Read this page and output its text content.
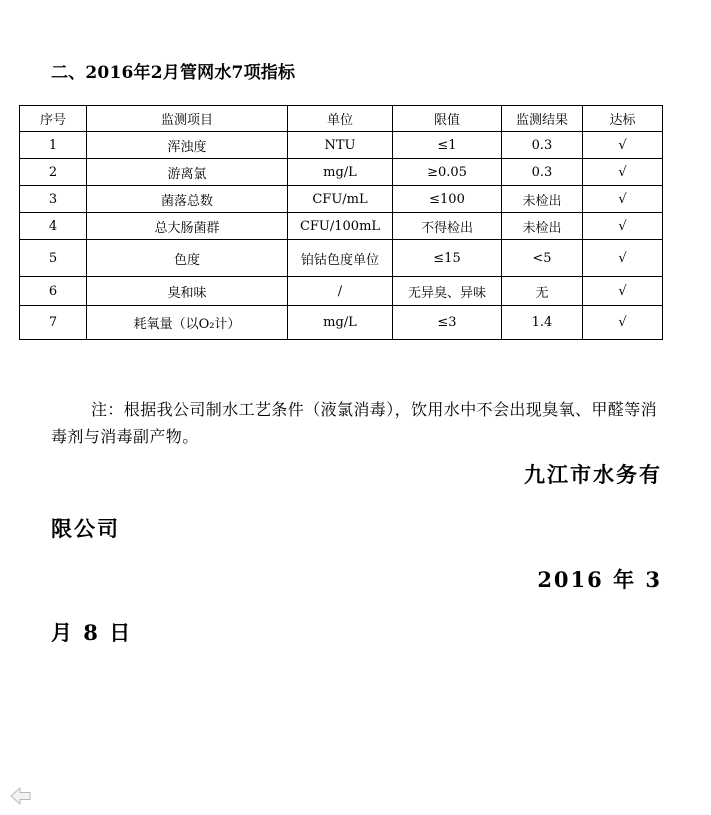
二、2016年2月管网水7项指标
序号	监测项目	单位	限值	监测结果	达标
1	浑浊度	NTU	≤1	0.3	√
2	游离氯	mg/L	≥0.05	0.3	√
3	菌落总数	CFU/mL	≤100	未检出	√
4	总大肠菌群	CFU/100mL	不得检出	未检出	√
5	色度	铂钴色度单位	≤15	<5	√
6	臭和味	/	无异臭、异味	无	√
7	耗氧量（以O₂计）	mg/L	≤3	1.4	√
注：根据我公司制水工艺条件（液氯消毒），饮用水中不会出现臭氧、甲醛等消毒剂与消毒副产物。
九江市水务有
限公司
2016 年 3
月 8 日
